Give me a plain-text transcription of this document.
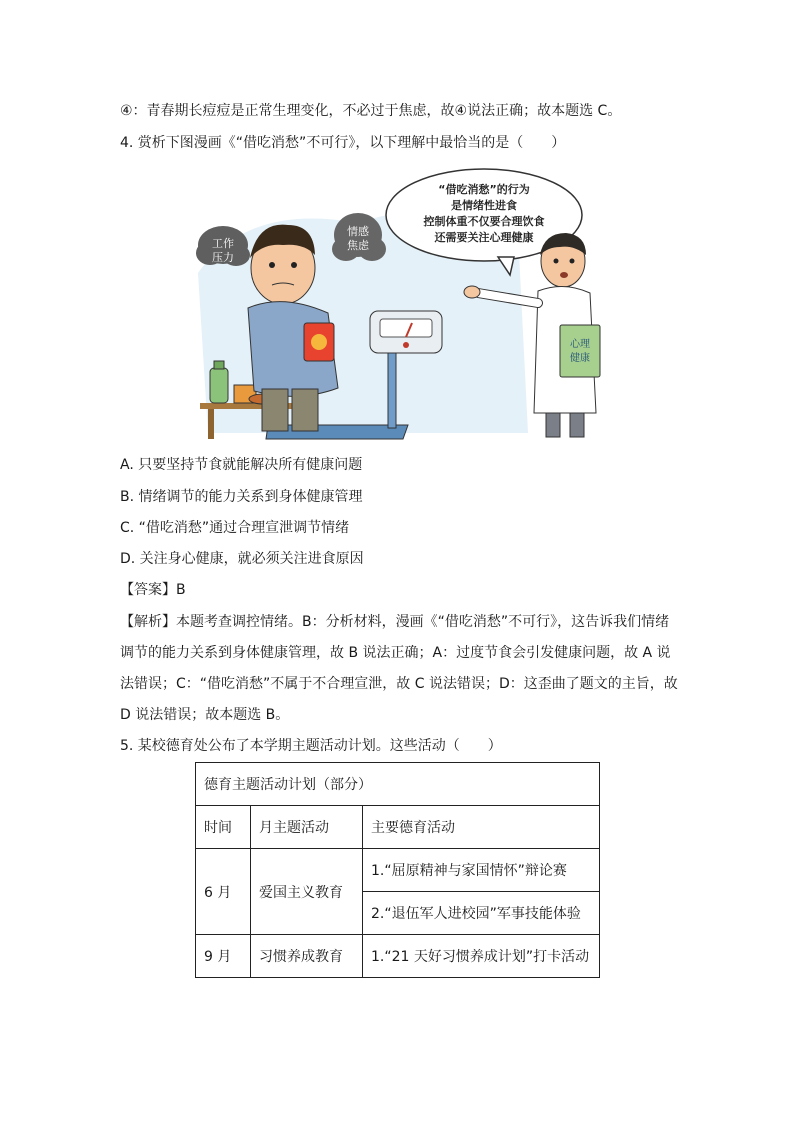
④：青春期长痘痘是正常生理变化，不必过于焦虑，故④说法正确；故本题选 C。
4. 赏析下图漫画《“借吃消愁”不可行》，以下理解中最恰当的是（　　）
工作
压力
情感
焦虑
“借吃消愁”的行为
是情绪性进食
控制体重不仅要合理饮食
还需要关注心理健康
心理
健康
A. 只要坚持节食就能解决所有健康问题
B. 情绪调节的能力关系到身体健康管理
C. “借吃消愁”通过合理宣泄调节情绪
D. 关注身心健康，就必须关注进食原因
【答案】B
【解析】本题考查调控情绪。B：分析材料，漫画《“借吃消愁”不可行》，这告诉我们情绪
调节的能力关系到身体健康管理，故 B 说法正确；A：过度节食会引发健康问题，故 A 说
法错误；C：“借吃消愁”不属于不合理宣泄，故 C 说法错误；D：这歪曲了题文的主旨，故
D 说法错误；故本题选 B。
5. 某校德育处公布了本学期主题活动计划。这些活动（　　）
德育主题活动计划（部分）		
时间	月主题活动	主要德育活动
6 月	爱国主义教育	1.“屈原精神与家国情怀”辩论赛
		2.“退伍军人进校园”军事技能体验
9 月	习惯养成教育	1.“21 天好习惯养成计划”打卡活动
